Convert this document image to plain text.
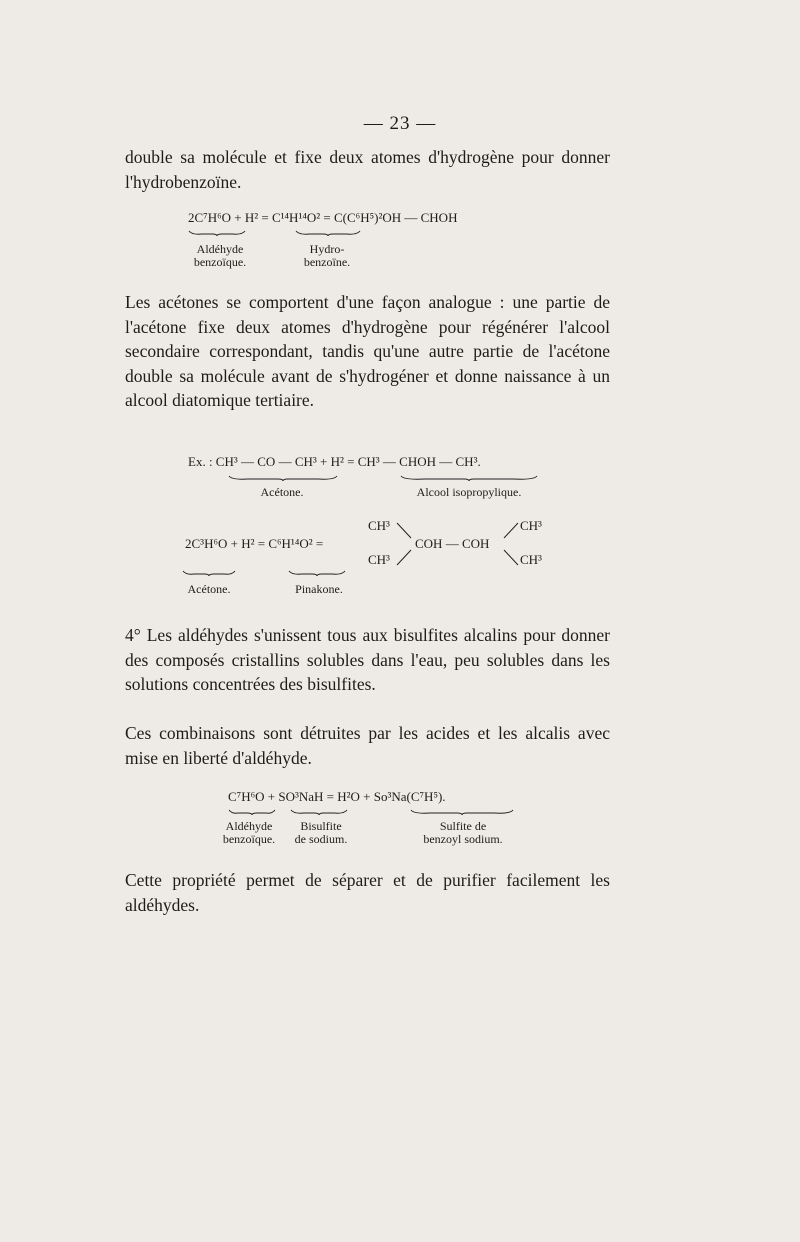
— 23 —
double sa molécule et fixe deux atomes d'hydrogène pour donner l'hydrobenzoïne.
2C⁷H⁶O + H² = C¹⁴H¹⁴O² = C(C⁶H⁵)²OH — CHOH
Aldéhyde
benzoïque.
Hydro-
benzoïne.
Les acétones se comportent d'une façon analogue : une partie de l'acétone fixe deux atomes d'hydrogène pour régénérer l'alcool secondaire correspondant, tandis qu'une autre partie de l'acétone double sa molécule avant de s'hydrogéner et donne naissance à un alcool diatomique tertiaire.
Ex. : CH³ — CO — CH³ + H² = CH³ — CHOH — CH³.
Acétone.	Alcool isopropylique.
CH³
2C³H⁶O + H² = C⁶H¹⁴O² =
CH³
COH — COH
CH³
CH³
Acétone.	Pinakone.
4° Les aldéhydes s'unissent tous aux bisulfites alcalins pour donner des composés cristallins solubles dans l'eau, peu solubles dans les solutions concentrées des bisulfites.
Ces combinaisons sont détruites par les acides et les alcalis avec mise en liberté d'aldéhyde.
C⁷H⁶O + SO³NaH = H²O + So³Na(C⁷H⁵).
Aldéhyde
benzoïque.
Bisulfite
de sodium.
Sulfite de
benzoyl sodium.
Cette propriété permet de séparer et de purifier facilement les aldéhydes.
